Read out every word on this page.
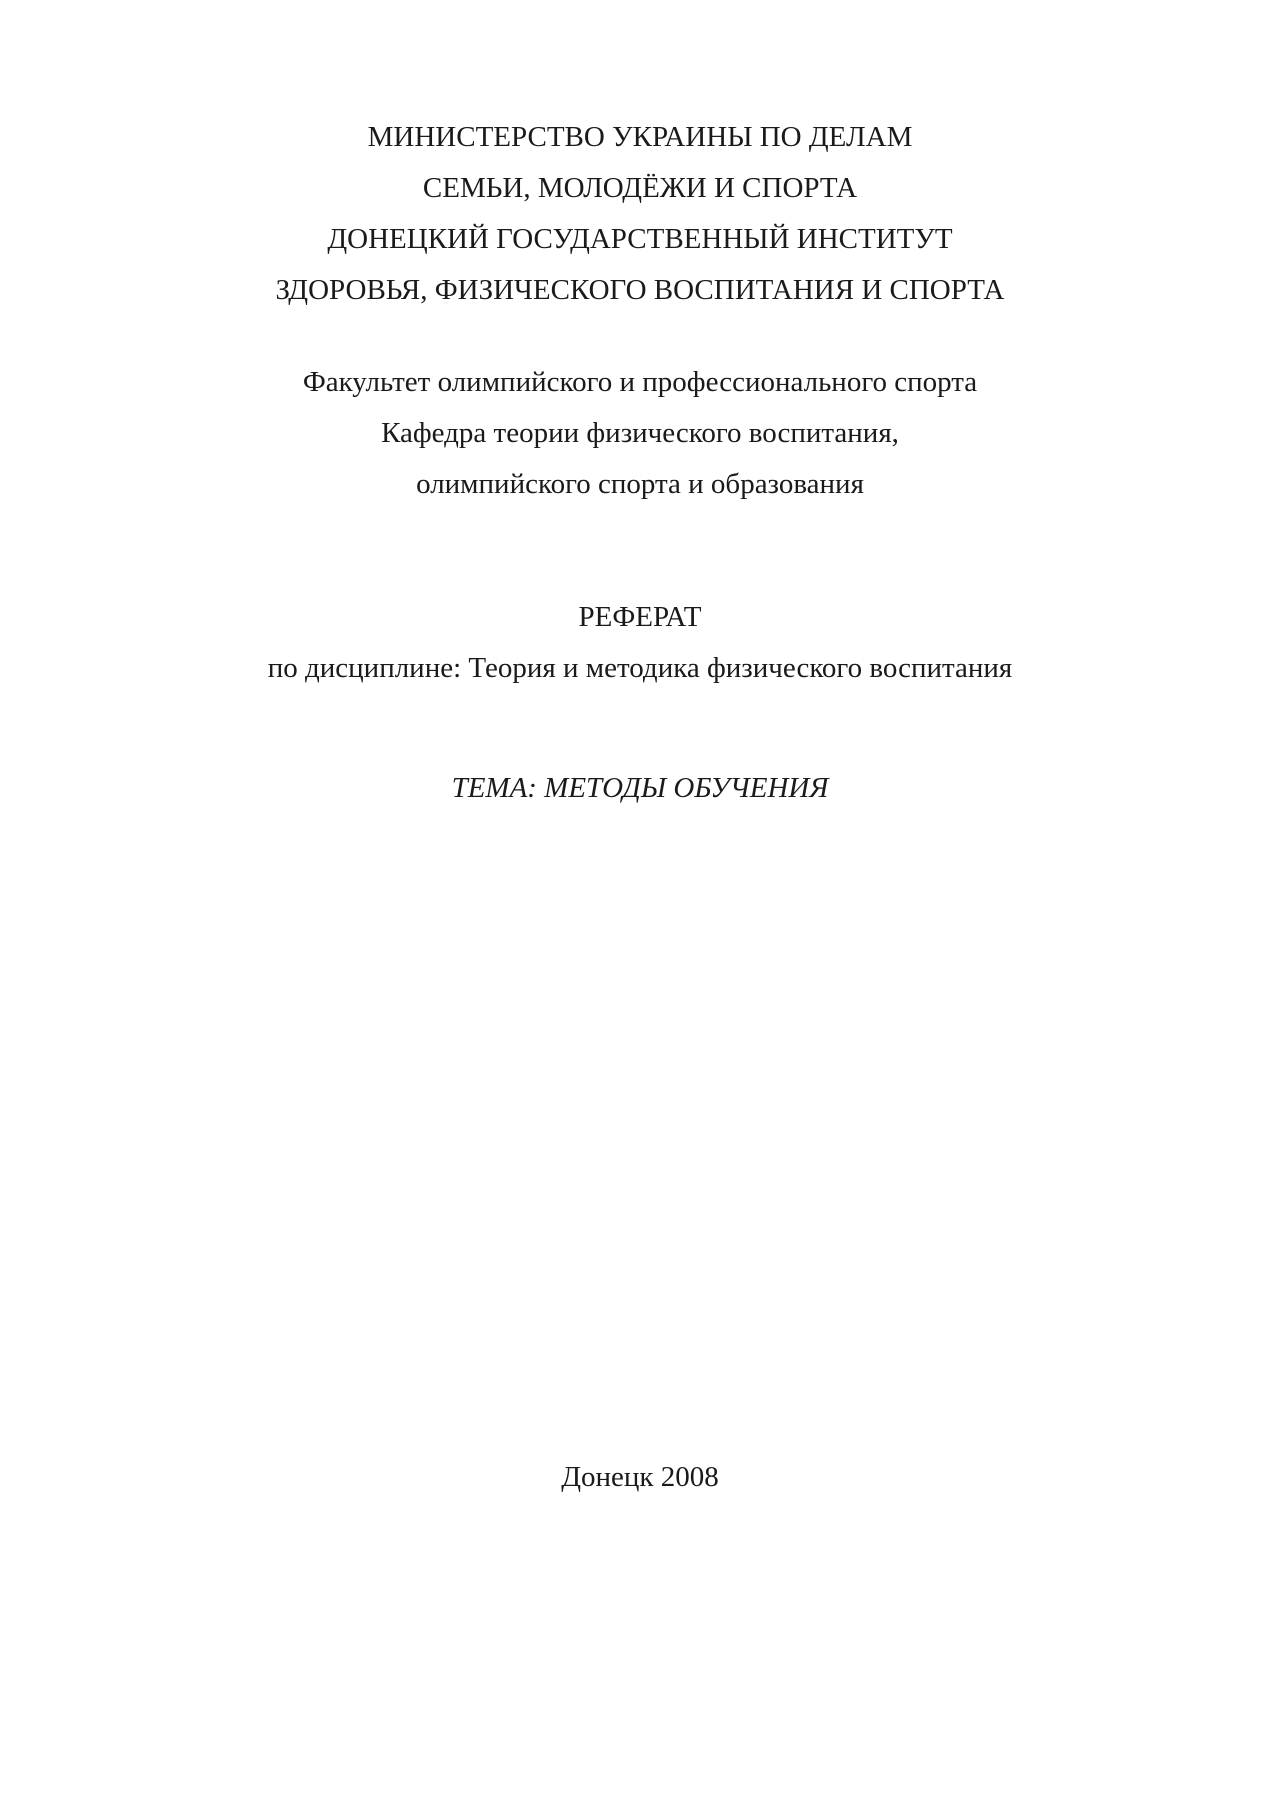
МИНИСТЕРСТВО УКРАИНЫ ПО ДЕЛАМ
СЕМЬИ, МОЛОДЁЖИ И СПОРТА
ДОНЕЦКИЙ ГОСУДАРСТВЕННЫЙ ИНСТИТУТ
ЗДОРОВЬЯ, ФИЗИЧЕСКОГО ВОСПИТАНИЯ И СПОРТА
Факультет олимпийского и профессионального спорта
Кафедра теории физического воспитания,
олимпийского спорта и образования
РЕФЕРАТ
по дисциплине: Теория и методика физического воспитания
ТЕМА: МЕТОДЫ ОБУЧЕНИЯ
Донецк 2008
